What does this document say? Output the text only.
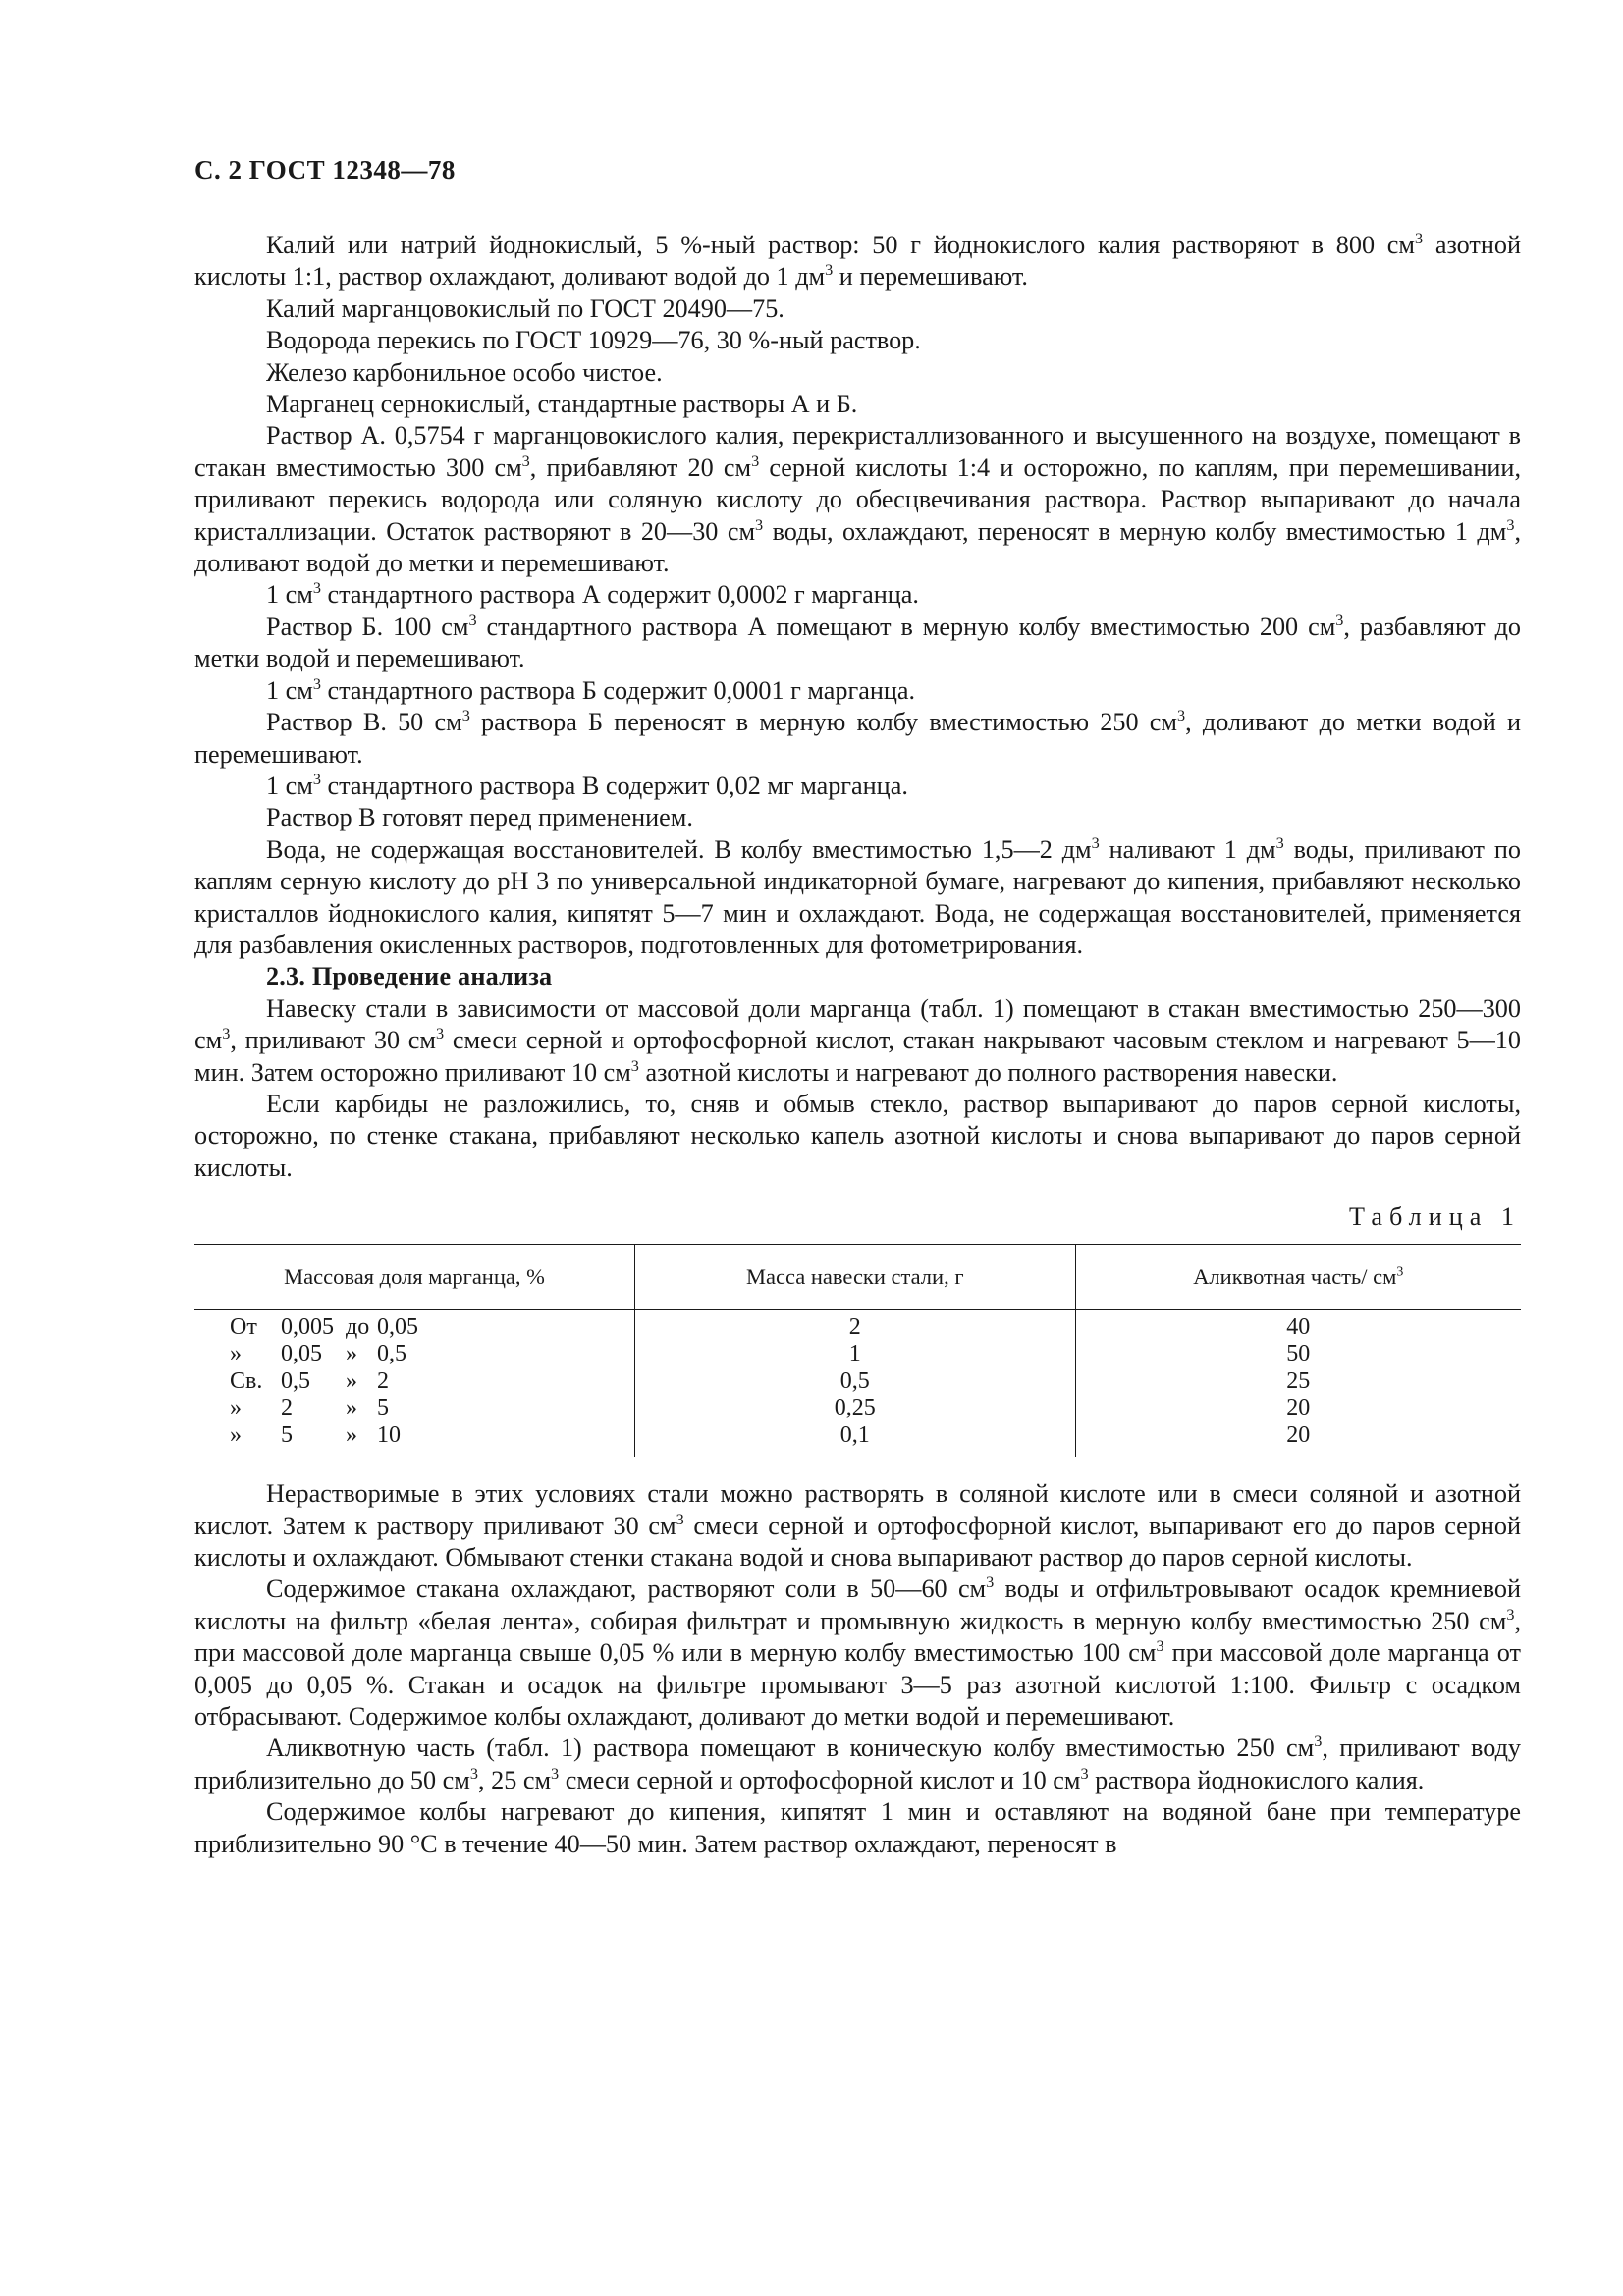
С. 2 ГОСТ 12348—78

Калий или натрий йоднокислый, 5 %-ный раствор: 50 г йоднокислого калия растворяют в 800 $см^3$ азотной кислоты 1:1, раствор охлаждают, доливают водой до 1 $дм^3$ и перемешивают.

Калий марганцовокислый по ГОСТ 20490—75.

Водорода перекись по ГОСТ 10929—76, 30 %-ный раствор.

Железо карбонильное особо чистое.

Марганец сернокислый, стандартные растворы А и Б.

Раствор А. 0,5754 г марганцовокислого калия, перекристаллизованного и высушенного на воздухе, помещают в стакан вместимостью 300 $см^3$, прибавляют 20 $см^3$ серной кислоты 1:4 и осторожно, по каплям, при перемешивании, приливают перекись водорода или соляную кислоту до обесцвечивания раствора. Раствор выпаривают до начала кристаллизации. Остаток растворяют в 20—30 $см^3$ воды, охлаждают, переносят в мерную колбу вместимостью 1 $дм^3$, доливают водой до метки и перемешивают.

1 $см^3$ стандартного раствора А содержит 0,0002 г марганца.

Раствор Б. 100 $см^3$ стандартного раствора А помещают в мерную колбу вместимостью 200 $см^3$, разбавляют до метки водой и перемешивают.

1 $см^3$ стандартного раствора Б содержит 0,0001 г марганца.

Раствор В. 50 $см^3$ раствора Б переносят в мерную колбу вместимостью 250 $см^3$, доливают до метки водой и перемешивают.

1 $см^3$ стандартного раствора В содержит 0,02 мг марганца.

Раствор В готовят перед применением.

Вода, не содержащая восстановителей. В колбу вместимостью 1,5—2 $дм^3$ наливают 1 $дм^3$ воды, приливают по каплям серную кислоту до pH 3 по универсальной индикаторной бумаге, нагревают до кипения, прибавляют несколько кристаллов йоднокислого калия, кипятят 5—7 мин и охлаждают. Вода, не содержащая восстановителей, применяется для разбавления окисленных растворов, подготовленных для фотометрирования.

2.3. Проведение анализа

Навеску стали в зависимости от массовой доли марганца (табл. 1) помещают в стакан вместимостью 250—300 $см^3$, приливают 30 $см^3$ смеси серной и ортофосфорной кислот, стакан накрывают часовым стеклом и нагревают 5—10 мин. Затем осторожно приливают 10 $см^3$ азотной кислоты и нагревают до полного растворения навески.

Если карбиды не разложились, то, сняв и обмыв стекло, раствор выпаривают до паров серной кислоты, осторожно, по стенке стакана, прибавляют несколько капель азотной кислоты и снова выпаривают до паров серной кислоты.

Таблица 1

Массовая доля марганца, %	Масса навески стали, г	Аликвотная часть/ $см^3$
От 0,005 до 0,05	2	40
» 0,05 » 0,5	1	50
Св. 0,5 » 2	0,5	25
» 2 » 5	0,25	20
» 5 » 10	0,1	20

Нерастворимые в этих условиях стали можно растворять в соляной кислоте или в смеси соляной и азотной кислот. Затем к раствору приливают 30 $см^3$ смеси серной и ортофосфорной кислот, выпаривают его до паров серной кислоты и охлаждают. Обмывают стенки стакана водой и снова выпаривают раствор до паров серной кислоты.

Содержимое стакана охлаждают, растворяют соли в 50—60 $см^3$ воды и отфильтровывают осадок кремниевой кислоты на фильтр «белая лента», собирая фильтрат и промывную жидкость в мерную колбу вместимостью 250 $см^3$, при массовой доле марганца свыше 0,05 % или в мерную колбу вместимостью 100 $см^3$ при массовой доле марганца от 0,005 до 0,05 %. Стакан и осадок на фильтре промывают 3—5 раз азотной кислотой 1:100. Фильтр с осадком отбрасывают. Содержимое колбы охлаждают, доливают до метки водой и перемешивают.

Аликвотную часть (табл. 1) раствора помещают в коническую колбу вместимостью 250 $см^3$, приливают воду приблизительно до 50 $см^3$, 25 $см^3$ смеси серной и ортофосфорной кислот и 10 $см^3$ раствора йоднокислого калия.

Содержимое колбы нагревают до кипения, кипятят 1 мин и оставляют на водяной бане при температуре приблизительно 90 °С в течение 40—50 мин. Затем раствор охлаждают, переносят в
